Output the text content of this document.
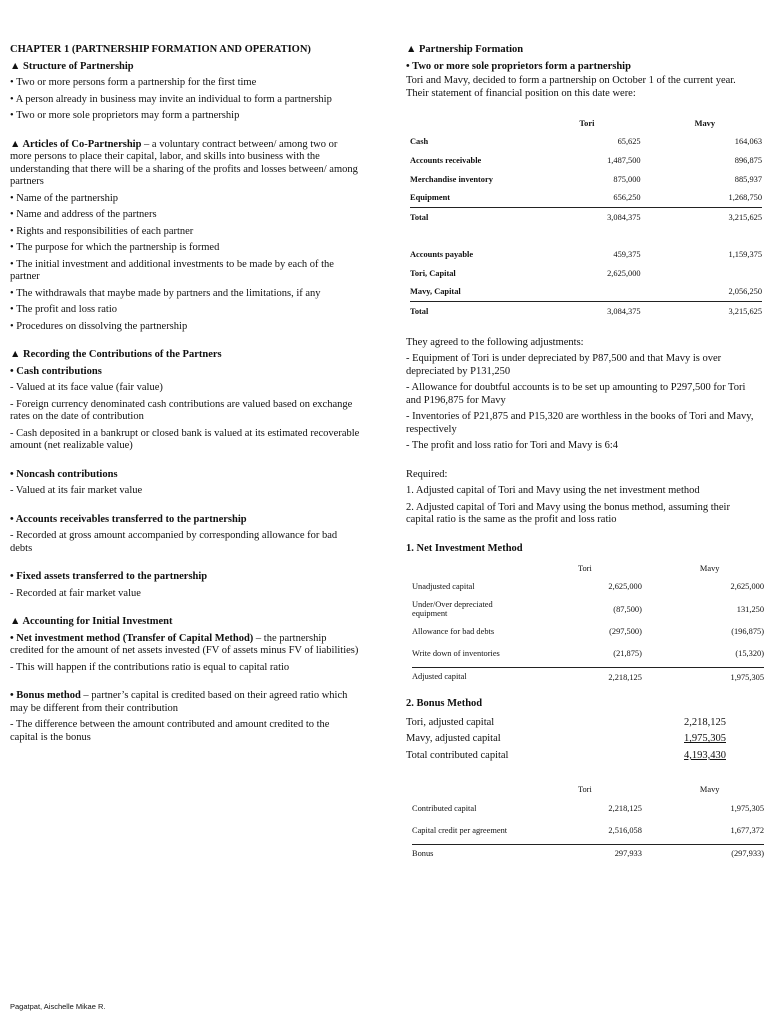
CHAPTER 1 (PARTNERSHIP FORMATION AND OPERATION)

▲ Structure of Partnership

• Two or more persons form a partnership for the first time

• A person already in business may invite an individual to form a partnership

• Two or more sole proprietors may form a partnership

▲ Articles of Co-Partnership – a voluntary contract between/ among two or more persons to place their capital, labor, and skills into business with the understanding that there will be a sharing of the profits and losses between/ among partners

• Name of the partnership

• Name and address of the partners

• Rights and responsibilities of each partner

• The purpose for which the partnership is formed

• The initial investment and additional investments to be made by each of the partner

• The withdrawals that maybe made by partners and the limitations, if any

• The profit and loss ratio

• Procedures on dissolving the partnership

▲ Recording the Contributions of the Partners

• Cash contributions

- Valued at its face value (fair value)

- Foreign currency denominated cash contributions are valued based on exchange rates on the date of contribution

- Cash deposited in a bankrupt or closed bank is valued at its estimated recoverable amount (net realizable value)

• Noncash contributions

- Valued at its fair market value

• Accounts receivables transferred to the partnership

- Recorded at gross amount accompanied by corresponding allowance for bad debts

• Fixed assets transferred to the partnership

- Recorded at fair market value

▲ Accounting for Initial Investment

• Net investment method (Transfer of Capital Method) – the partnership credited for the amount of net assets invested (FV of assets minus FV of liabilities)

- This will happen if the contributions ratio is equal to capital ratio

• Bonus method – partner’s capital is credited based on their agreed ratio which may be different from their contribution

- The difference between the amount contributed and amount credited to the capital is the bonus

▲ Partnership Formation

• Two or more sole proprietors form a partnership

Tori and Mavy, decided to form a partnership on October 1 of the current year. Their statement of financial position on this date were:

	Tori	Mavy
Cash	65,625	164,063
Accounts receivable	1,487,500	896,875
Merchandise inventory	875,000	885,937
Equipment	656,250	1,268,750
Total	3,084,375	3,215,625

Accounts payable	459,375	1,159,375
Tori, Capital	2,625,000	
Mavy, Capital		2,056,250
Total	3,084,375	3,215,625

They agreed to the following adjustments:

- Equipment of Tori is under depreciated by P87,500 and that Mavy is over depreciated by P131,250

- Allowance for doubtful accounts is to be set up amounting to P297,500 for Tori and P196,875 for Mavy

- Inventories of P21,875 and P15,320 are worthless in the books of Tori and Mavy, respectively

- The profit and loss ratio for Tori and Mavy is 6:4

Required:

1. Adjusted capital of Tori and Mavy using the net investment method

2. Adjusted capital of Tori and Mavy using the bonus method, assuming their capital ratio is the same as the profit and loss ratio

1. Net Investment Method

	Tori	Mavy
Unadjusted capital	2,625,000	2,625,000
Under/Over depreciated equipment	(87,500)	131,250
Allowance for bad debts	(297,500)	(196,875)
Write down of inventories	(21,875)	(15,320)
Adjusted capital	2,218,125	1,975,305

2. Bonus Method

Tori, adjusted capital	2,218,125
Mavy, adjusted capital	1,975,305
Total contributed capital	4,193,430
	Tori	Mavy
Contributed capital	2,218,125	1,975,305
Capital credit per agreement	2,516,058	1,677,372
Bonus	297,933	(297,933)
Pagatpat, Aischelle Mikae R.
